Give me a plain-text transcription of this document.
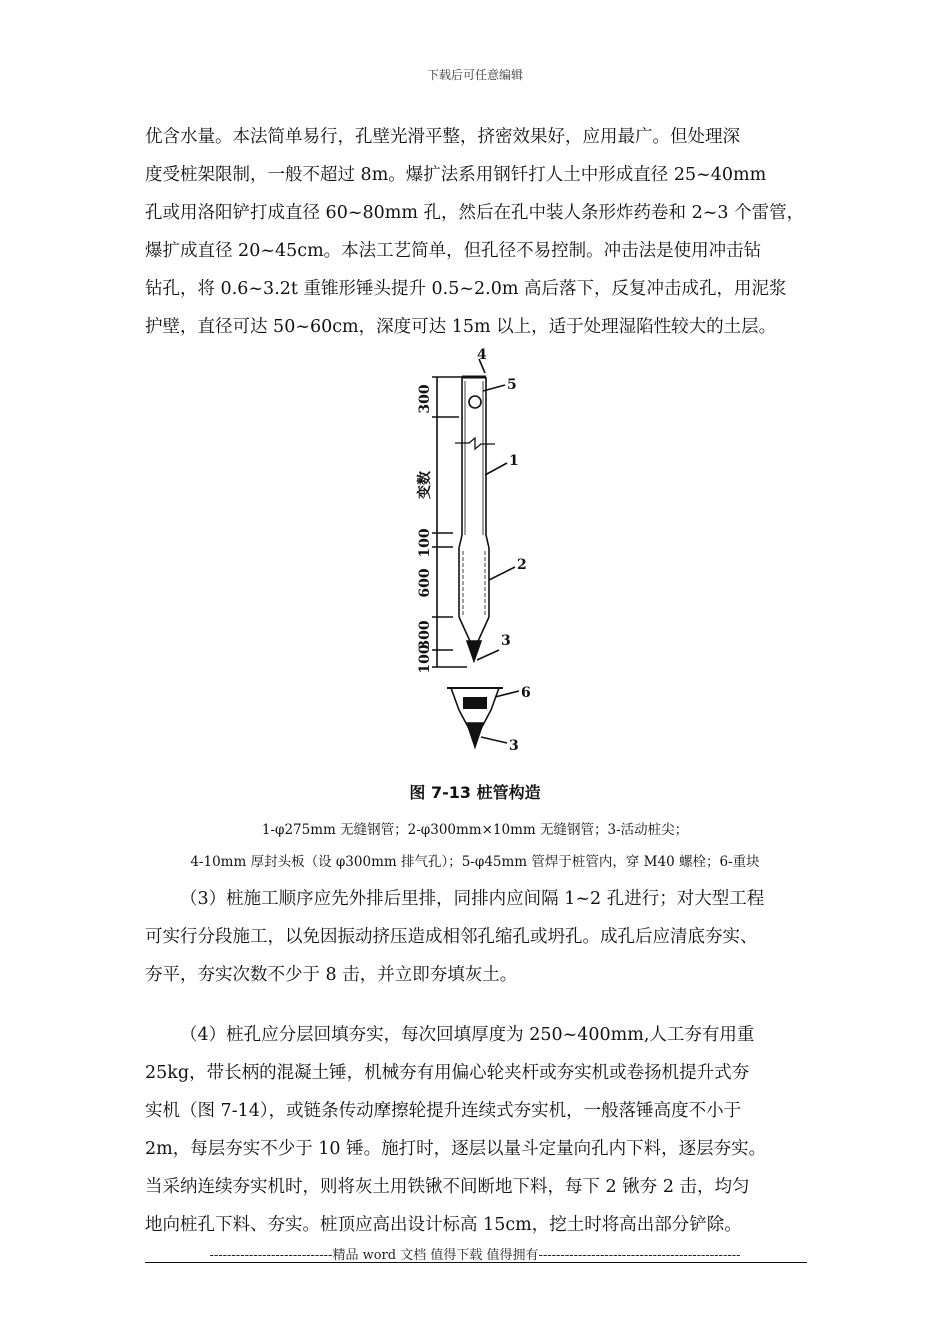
下载后可任意编辑
优含水量。本法简单易行，孔壁光滑平整，挤密效果好，应用最广。但处理深
度受桩架限制，一般不超过 8m。爆扩法系用钢钎打人土中形成直径 25~40mm
孔或用洛阳铲打成直径 60~80mm 孔，然后在孔中装人条形炸药卷和 2~3 个雷管，
爆扩成直径 20~45cm。本法工艺简单，但孔径不易控制。冲击法是使用冲击钻
钻孔，将 0.6~3.2t 重锥形锤头提升 0.5~2.0m 高后落下，反复冲击成孔，用泥浆
护壁，直径可达 50~60cm，深度可达 15m 以上，适于处理湿陷性较大的土层。
300
变数
100
600
300
100
4
5
1
2
3
6
3
图 7-13 桩管构造
1-φ275mm 无缝钢管；2-φ300mm×10mm 无缝钢管；3-活动桩尖；
4-10mm 厚封头板（设 φ300mm 排气孔）；5-φ45mm 管焊于桩管内，穿 M40 螺栓；6-重块
（3）桩施工顺序应先外排后里排，同排内应间隔 1~2 孔进行；对大型工程
可实行分段施工，以免因振动挤压造成相邻孔缩孔或坍孔。成孔后应清底夯实、
夯平，夯实次数不少于 8 击，并立即夯填灰土。
（4）桩孔应分层回填夯实，每次回填厚度为 250~400mm,人工夯有用重
25kg，带长柄的混凝土锤，机械夯有用偏心轮夹杆或夯实机或卷扬机提升式夯
实机（图 7-14），或链条传动摩擦轮提升连续式夯实机，一般落锤高度不小于
2m，每层夯实不少于 10 锤。施打时，逐层以量斗定量向孔内下料，逐层夯实。
当采纳连续夯实机时，则将灰土用铁锹不间断地下料，每下 2 锹夯 2 击，均匀
地向桩孔下料、夯实。桩顶应高出设计标高 15cm，挖土时将高出部分铲除。
----------------------------精品 word 文档 值得下载 值得拥有----------------------------------------------
